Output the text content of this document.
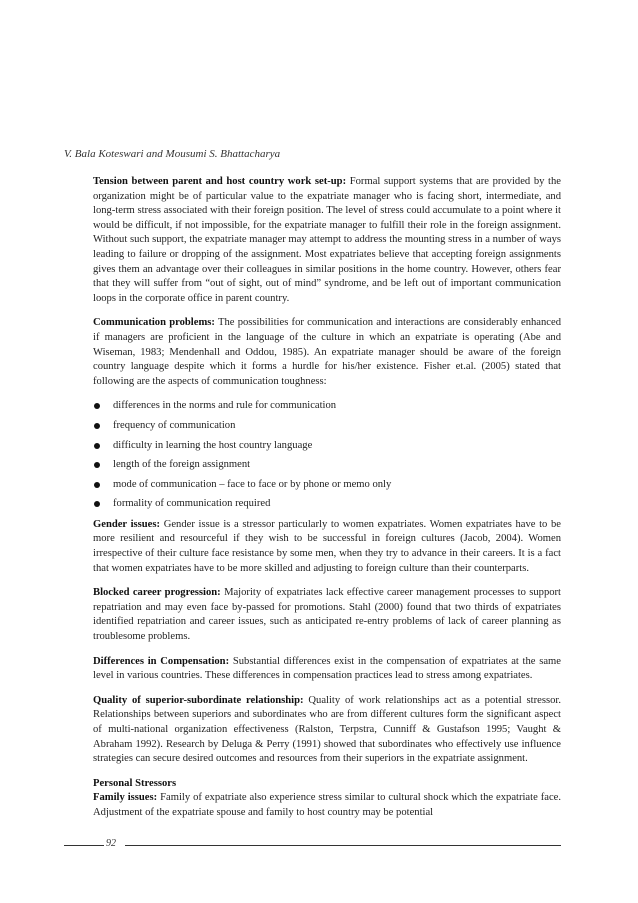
V. Bala Koteswari and Mousumi S. Bhattacharya

Tension between parent and host country work set-up: Formal support systems that are provided by the organization might be of particular value to the expatriate manager who is facing short, intermediate, and long-term stress associated with their foreign position. The level of stress could accumulate to a point where it would be difficult, if not impossible, for the expatriate manager to fulfill their role in the foreign assignment. Without such support, the expatriate manager may attempt to address the mounting stress in a number of ways leading to failure or dropping of the assignment. Most expatriates believe that accepting foreign assignments gives them an advantage over their colleagues in similar positions in the home country. However, others fear that they will suffer from “out of sight, out of mind” syndrome, and be left out of important communication loops in the corporate office in parent country.

Communication problems: The possibilities for communication and interactions are considerably enhanced if managers are proficient in the language of the culture in which an expatriate is operating (Abe and Wiseman, 1983; Mendenhall and Oddou, 1985). An expatriate manager should be aware of the foreign country language despite which it forms a hurdle for his/her existence. Fisher et.al. (2005) stated that following are the aspects of communication toughness:

differences in the norms and rule for communication
frequency of communication
difficulty in learning the host country language
length of the foreign assignment
mode of communication – face to face or by phone or memo only
formality of communication required

Gender issues: Gender issue is a stressor particularly to women expatriates. Women expatriates have to be more resilient and resourceful if they wish to be successful in foreign cultures (Jacob, 2004). Women irrespective of their culture face resistance by some men, when they try to advance in their careers. It is a fact that women expatriates have to be more skilled and adjusting to foreign culture than their counterparts.

Blocked career progression: Majority of expatriates lack effective career management processes to support repatriation and may even face by-passed for promotions. Stahl (2000) found that two thirds of expatriates identified repatriation and career issues, such as anticipated re-entry problems of lack of career planning as troublesome problems.

Differences in Compensation: Substantial differences exist in the compensation of expatriates at the same level in various countries. These differences in compensation practices lead to stress among expatriates.

Quality of superior-subordinate relationship: Quality of work relationships act as a potential stressor. Relationships between superiors and subordinates who are from different cultures form the significant aspect of multi-national organization effectiveness (Ralston, Terpstra, Cunniff & Gustafson 1995; Vaught & Abraham 1992). Research by Deluga & Perry (1991) showed that subordinates who effectively use influence strategies can secure desired outcomes and resources from their superiors in the expatriate assignment.

Personal Stressors

Family issues: Family of expatriate also experience stress similar to cultural shock which the expatriate face. Adjustment of the expatriate spouse and family to host country may be potential

92
